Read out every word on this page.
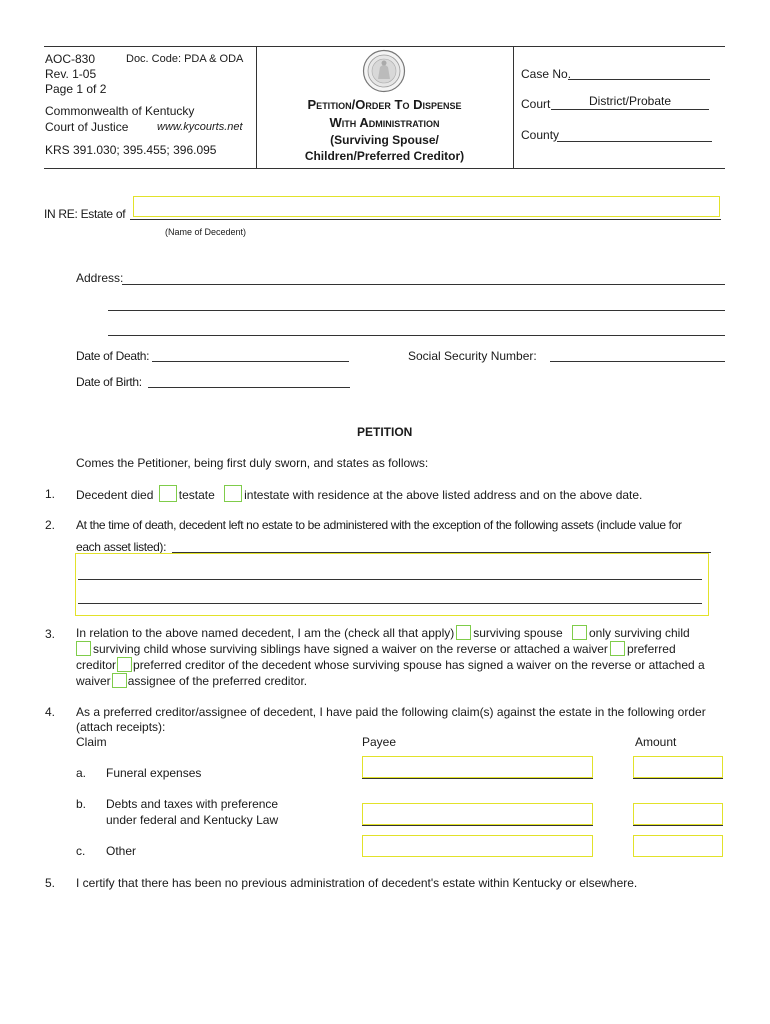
AOC-830	Doc. Code: PDA & ODA
Rev. 1-05
Page 1 of 2
Commonwealth of Kentucky
Court of Justice	www.kycourts.net
KRS 391.030; 395.455; 396.095
Petition/Order To Dispense
With Administration
(Surviving Spouse/
Children/Preferred Creditor)
Case No.
Court	District/Probate
County
IN RE: Estate of
(Name of Decedent)
Address:
Date of Death:	Social Security Number:
Date of Birth:
PETITION
Comes the Petitioner, being first duly sworn, and states as follows:
1. Decedent died testate intestate with residence at the above listed address and on the above date.
2. At the time of death, decedent left no estate to be administered with the exception of the following assets (include value for
each asset listed):
3. In relation to the above named decedent, I am the (check all that apply) surviving spouse only surviving child
surviving child whose surviving siblings have signed a waiver on the reverse or attached a waiver preferred
creditor preferred creditor of the decedent whose surviving spouse has signed a waiver on the reverse or attached a
waiver assignee of the preferred creditor.
4. As a preferred creditor/assignee of decedent, I have paid the following claim(s) against the estate in the following order
(attach receipts):
Claim	Payee	Amount
a. Funeral expenses
b. Debts and taxes with preference
under federal and Kentucky Law
c. Other
5. I certify that there has been no previous administration of decedent's estate within Kentucky or elsewhere.
